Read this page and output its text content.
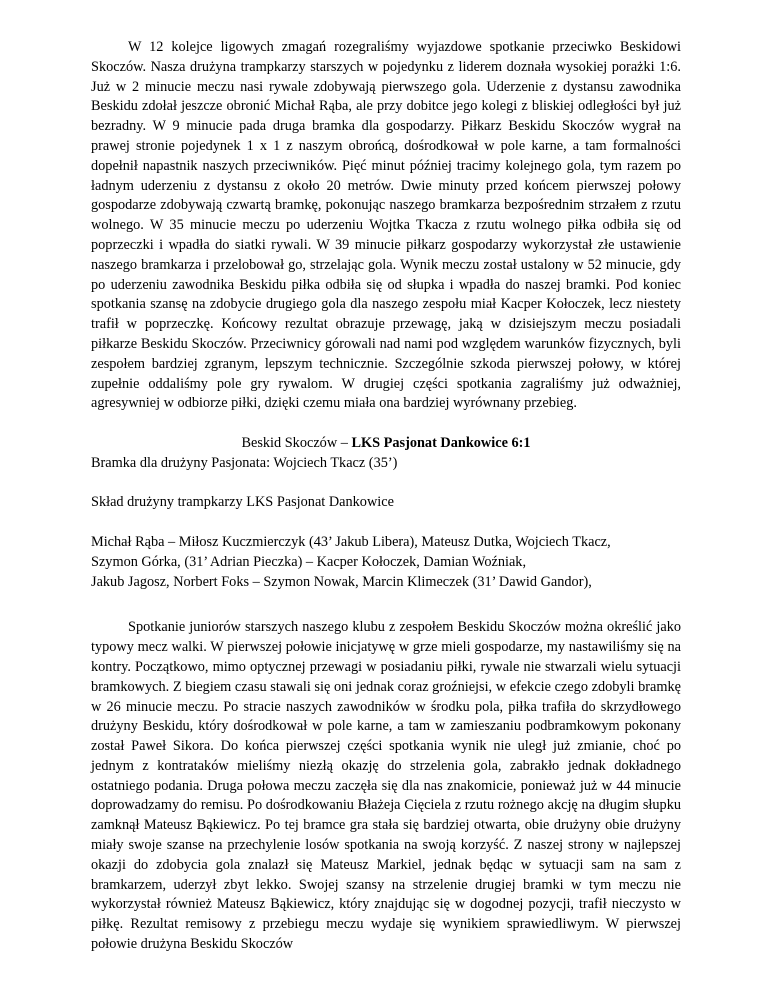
W 12 kolejce ligowych zmagań rozegraliśmy wyjazdowe spotkanie przeciwko Beskidowi Skoczów. Nasza drużyna trampkarzy starszych w pojedynku z liderem doznała wysokiej porażki 1:6. Już w 2 minucie meczu nasi rywale zdobywają pierwszego gola. Uderzenie z dystansu zawodnika Beskidu zdołał jeszcze obronić Michał Rąba, ale przy dobitce jego kolegi z bliskiej odległości był już bezradny. W 9 minucie pada druga bramka dla gospodarzy. Piłkarz Beskidu Skoczów wygrał na prawej stronie pojedynek 1 x 1 z naszym obrońcą, dośrodkował w pole karne, a tam formalności dopełnił napastnik naszych przeciwników. Pięć minut później tracimy kolejnego gola, tym razem po ładnym uderzeniu z dystansu z około 20 metrów. Dwie minuty przed końcem pierwszej połowy gospodarze zdobywają czwartą bramkę, pokonując naszego bramkarza bezpośrednim strzałem z rzutu wolnego. W 35 minucie meczu po uderzeniu Wojtka Tkacza z rzutu wolnego piłka odbiła się od poprzeczki i wpadła do siatki rywali. W 39 minucie piłkarz gospodarzy wykorzystał złe ustawienie naszego bramkarza i przelobował go, strzelając gola. Wynik meczu został ustalony w 52 minucie, gdy po uderzeniu zawodnika Beskidu piłka odbiła się od słupka i wpadła do naszej bramki. Pod koniec spotkania szansę na zdobycie drugiego gola dla naszego zespołu miał Kacper Kołoczek, lecz niestety trafił w poprzeczkę. Końcowy rezultat obrazuje przewagę, jaką w dzisiejszym meczu posiadali piłkarze Beskidu Skoczów. Przeciwnicy górowali nad nami pod względem warunków fizycznych, byli zespołem bardziej zgranym, lepszym technicznie. Szczególnie szkoda pierwszej połowy, w której zupełnie oddaliśmy pole gry rywalom. W drugiej części spotkania zagraliśmy już odważniej, agresywniej w odbiorze piłki, dzięki czemu miała ona bardziej wyrównany przebieg.

Beskid Skoczów – LKS Pasjonat Dankowice 6:1

Bramka dla drużyny Pasjonata: Wojciech Tkacz (35’)

Skład drużyny trampkarzy LKS Pasjonat Dankowice

Michał Rąba – Miłosz Kuczmierczyk (43’ Jakub Libera), Mateusz Dutka, Wojciech Tkacz,

Szymon Górka, (31’ Adrian Pieczka) – Kacper Kołoczek, Damian Woźniak,

Jakub Jagosz, Norbert Foks – Szymon Nowak, Marcin Klimeczek (31’ Dawid Gandor),

Spotkanie juniorów starszych naszego klubu z zespołem Beskidu Skoczów można określić jako typowy mecz walki. W pierwszej połowie inicjatywę w grze mieli gospodarze, my nastawiliśmy się na kontry. Początkowo, mimo optycznej przewagi w posiadaniu piłki, rywale nie stwarzali wielu sytuacji bramkowych. Z biegiem czasu stawali się oni jednak coraz groźniejsi, w efekcie czego zdobyli bramkę w 26 minucie meczu. Po stracie naszych zawodników w środku pola, piłka trafiła do skrzydłowego drużyny Beskidu, który dośrodkował w pole karne, a tam w zamieszaniu podbramkowym pokonany został Paweł Sikora. Do końca pierwszej części spotkania wynik nie uległ już zmianie, choć po jednym z kontrataków mieliśmy niezłą okazję do strzelenia gola, zabrakło jednak dokładnego ostatniego podania. Druga połowa meczu zaczęła się dla nas znakomicie, ponieważ już w 44 minucie doprowadzamy do remisu. Po dośrodkowaniu Błażeja Cięciela z rzutu rożnego akcję na długim słupku zamknął Mateusz Bąkiewicz. Po tej bramce gra stała się bardziej otwarta, obie drużyny obie drużyny miały swoje szanse na przechylenie losów spotkania na swoją korzyść. Z naszej strony w najlepszej okazji do zdobycia gola znalazł się Mateusz Markiel, jednak będąc w sytuacji sam na sam z bramkarzem, uderzył zbyt lekko. Swojej szansy na strzelenie drugiej bramki w tym meczu nie wykorzystał również Mateusz Bąkiewicz, który znajdując się w dogodnej pozycji, trafił nieczysto w piłkę. Rezultat remisowy z przebiegu meczu wydaje się wynikiem sprawiedliwym. W pierwszej połowie drużyna Beskidu Skoczów
